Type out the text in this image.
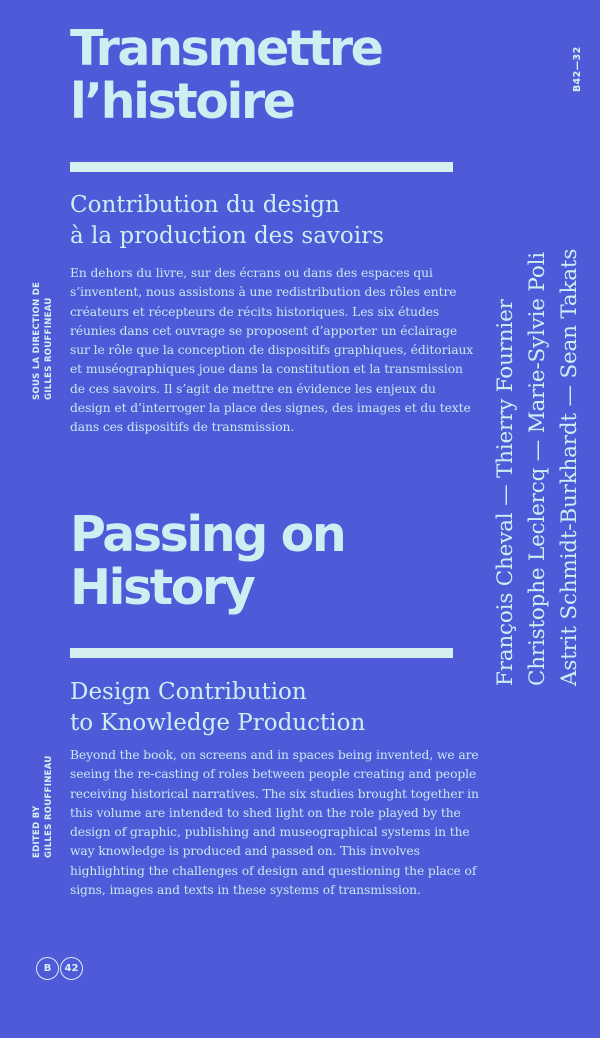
Transmettre
l’histoire
Contribution du design
à la production des savoirs
SOUS LA DIRECTION DE GILLES ROUFFINEAU

En dehors du livre, sur des écrans ou dans des espaces qui s’inventent, nous assistons à une redistribution des rôles entre créateurs et récepteurs de récits historiques. Les six études réunies dans cet ouvrage se proposent d’apporter un éclairage sur le rôle que la conception de dispositifs graphiques, éditoriaux et muséographiques joue dans la constitution et la transmission de ces savoirs. Il s’agit de mettre en évidence les enjeux du design et d’interroger la place des signes, des images et du texte dans ces dispositifs de transmission.

Passing on
History
Design Contribution
to Knowledge Production
EDITED BY GILLES ROUFFINEAU

Beyond the book, on screens and in spaces being invented, we are seeing the re-casting of roles between people creating and people receiving historical narratives. The six studies brought together in this volume are intended to shed light on the role played by the design of graphic, publishing and museographical systems in the way knowledge is produced and passed on. This involves highlighting the challenges of design and questioning the place of signs, images and texts in these systems of transmission.

B42—32
François Cheval — Thierry Fournier Christophe Leclercq — Marie-Sylvie Poli Astrit Schmidt-Burkhardt — Sean Takats
B	42
